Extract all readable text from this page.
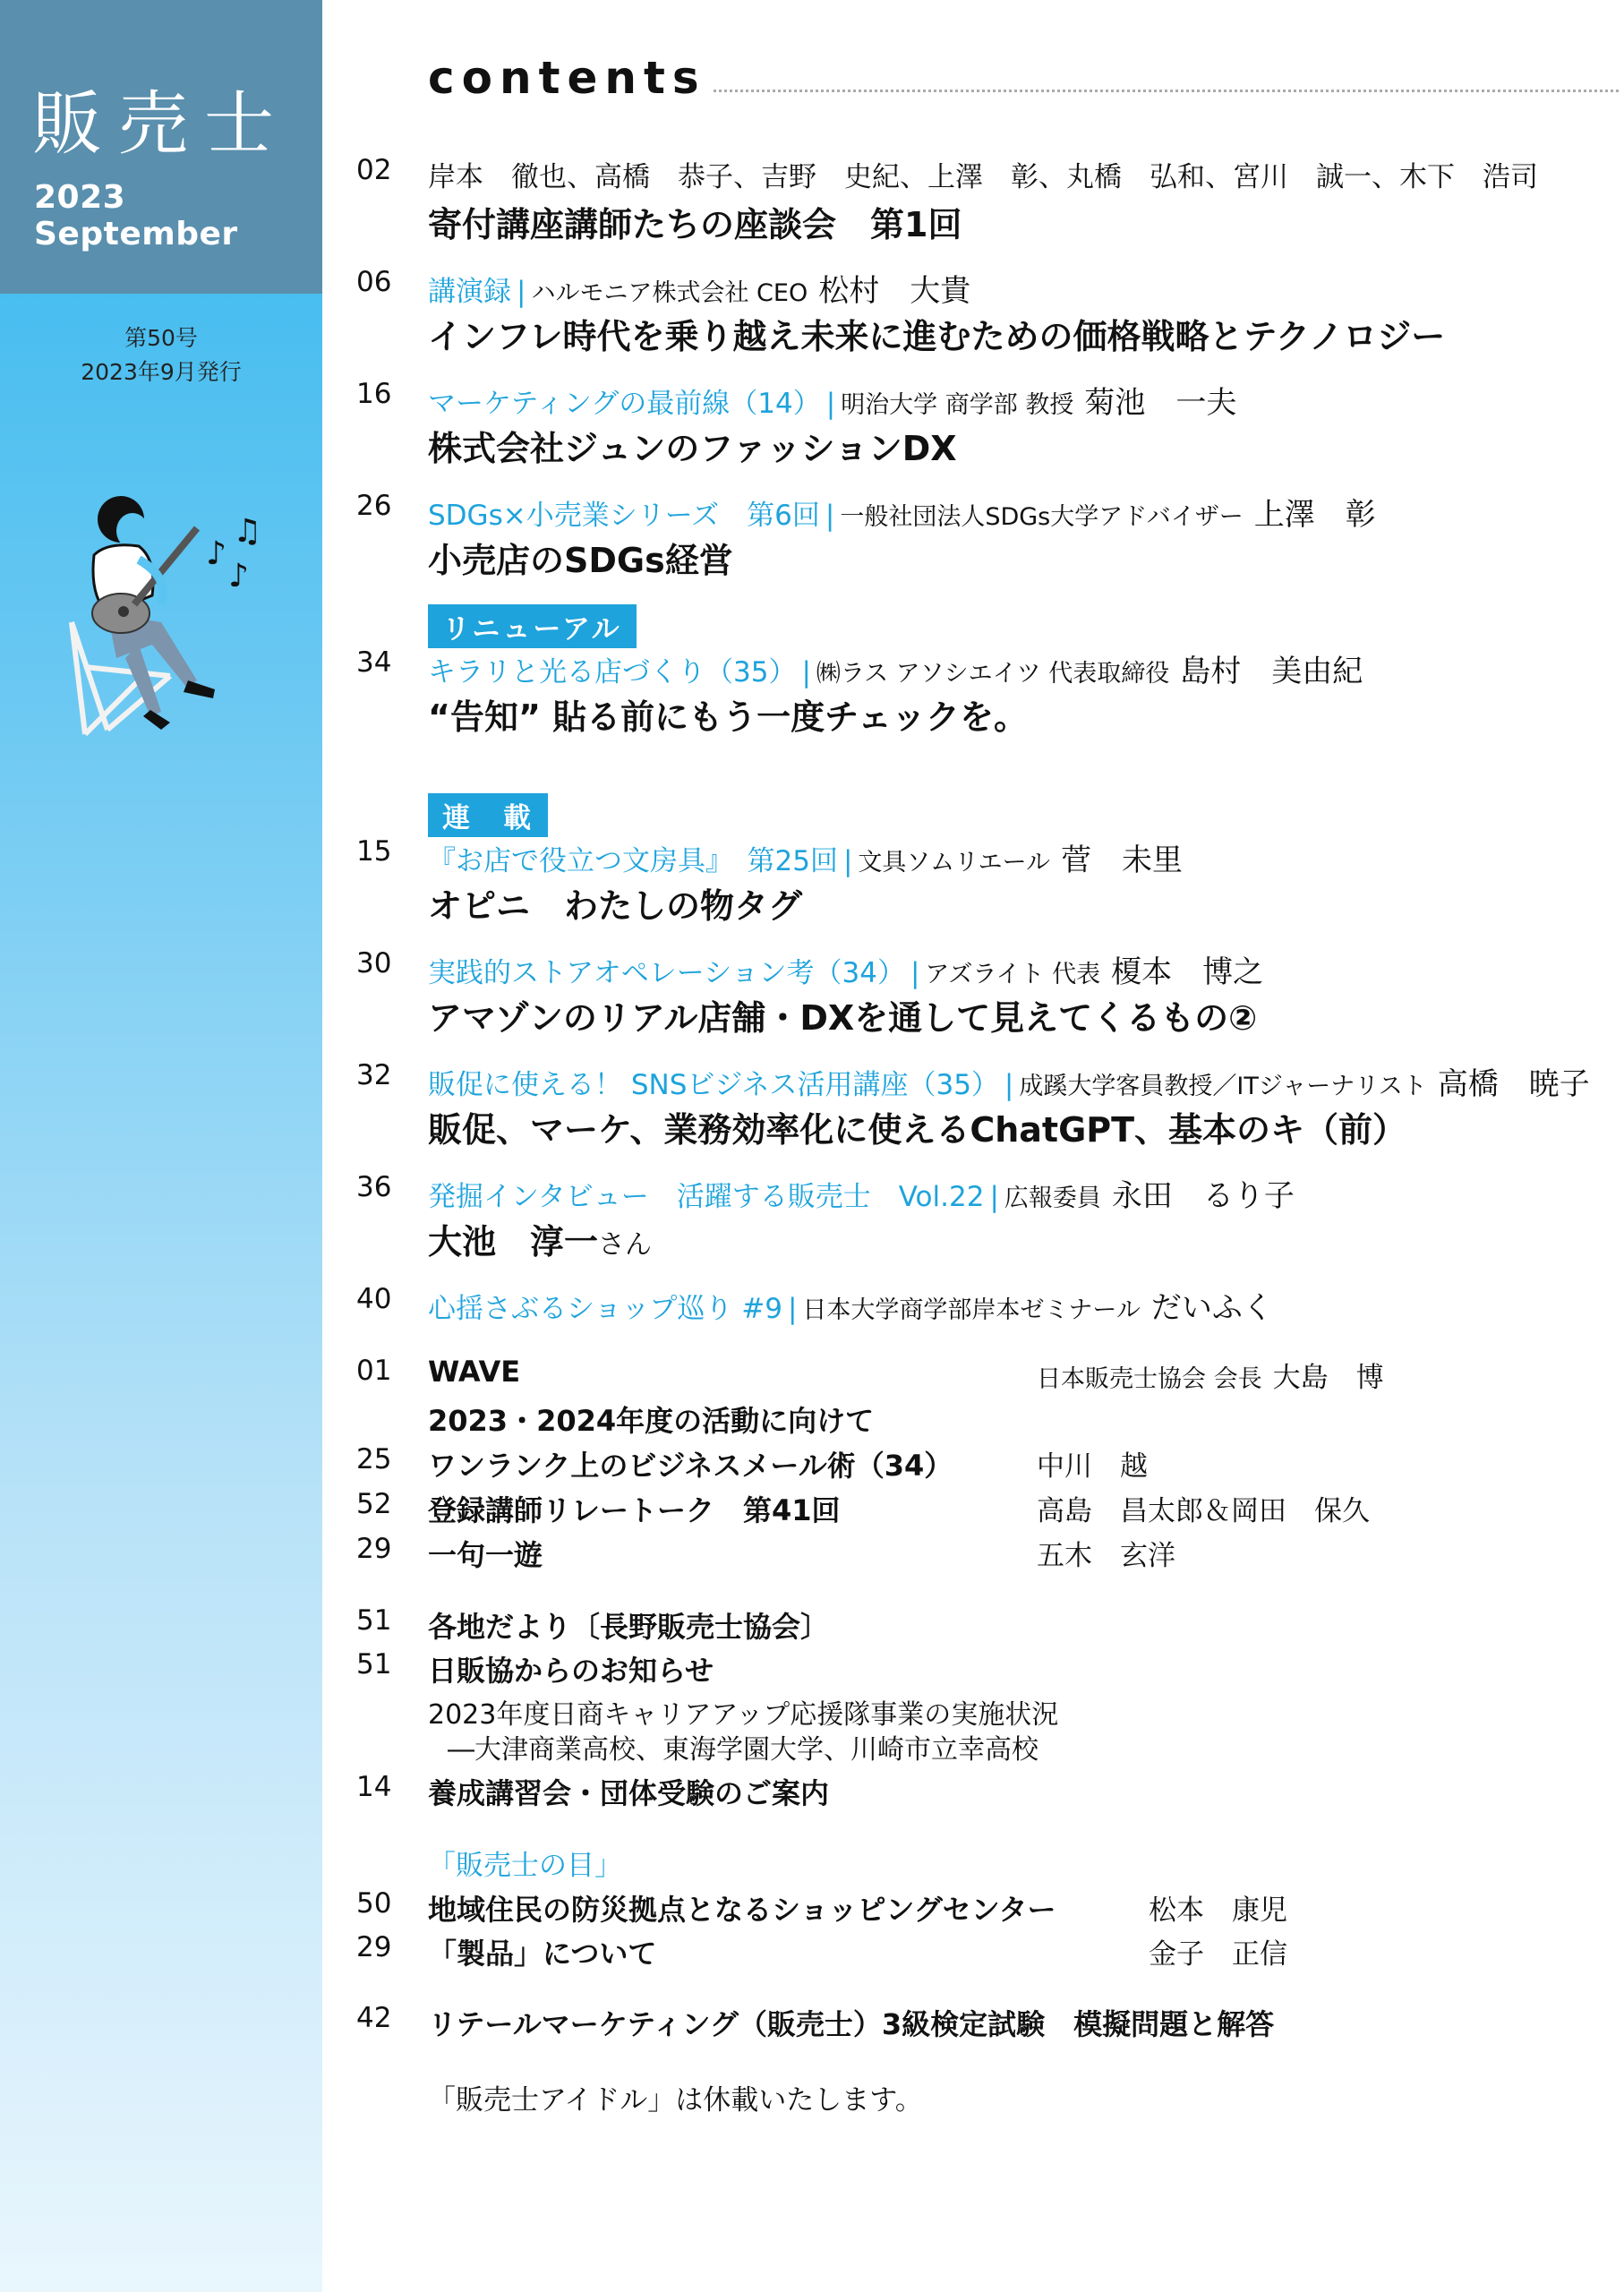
販売士
2023 September
第50号
2023年9月発行
♪
♫
♪
contents
02	岸本　徹也、高橋　恭子、吉野　史紀、上澤　彰、丸橋　弘和、宮川　誠一、木下　浩司
寄付講座講師たちの座談会　第1回
06	講演録 | ハルモニア株式会社 CEO 松村　大貴
インフレ時代を乗り越え未来に進むための価格戦略とテクノロジー
16	マーケティングの最前線（14） | 明治大学 商学部 教授 菊池　一夫
株式会社ジュンのファッションDX
26	SDGs×小売業シリーズ　第6回 | 一般社団法人SDGs大学アドバイザー 上澤　彰
小売店のSDGs経営
リニューアル
34	キラリと光る店づくり（35） | ㈱ラス アソシエイツ 代表取締役 島村　美由紀
“告知” 貼る前にもう一度チェックを。
連　載
15	『お店で役立つ文房具』　第25回 | 文具ソムリエール 菅　未里
オピニ　わたしの物タグ
30	実践的ストアオペレーション考（34） | アズライト 代表 榎本　博之
アマゾンのリアル店舗・DXを通して見えてくるもの②
32	販促に使える！ SNSビジネス活用講座（35） | 成蹊大学客員教授／ITジャーナリスト 高橋　暁子
販促、マーケ、業務効率化に使えるChatGPT、基本のキ（前）
36	発掘インタビュー　活躍する販売士　Vol.22 | 広報委員 永田　るり子
大池　淳一さん
40	心揺さぶるショップ巡り #9 | 日本大学商学部岸本ゼミナール だいふく
01 WAVE	日本販売士協会 会長 大島　博
2023・2024年度の活動に向けて
25 ワンランク上のビジネスメール術（34）	中川　越
52 登録講師リレートーク　第41回	高島　昌太郎＆岡田　保久
29 一句一遊	五木　玄洋
51 各地だより〔長野販売士協会〕
51 日販協からのお知らせ
2023年度日商キャリアアップ応援隊事業の実施状況
―大津商業高校、東海学園大学、川崎市立幸高校
14 養成講習会・団体受験のご案内
「販売士の目」
50 地域住民の防災拠点となるショッピングセンター	松本　康児
29 「製品」について	金子　正信
42 リテールマーケティング（販売士）3級検定試験　模擬問題と解答
「販売士アイドル」は休載いたします。
